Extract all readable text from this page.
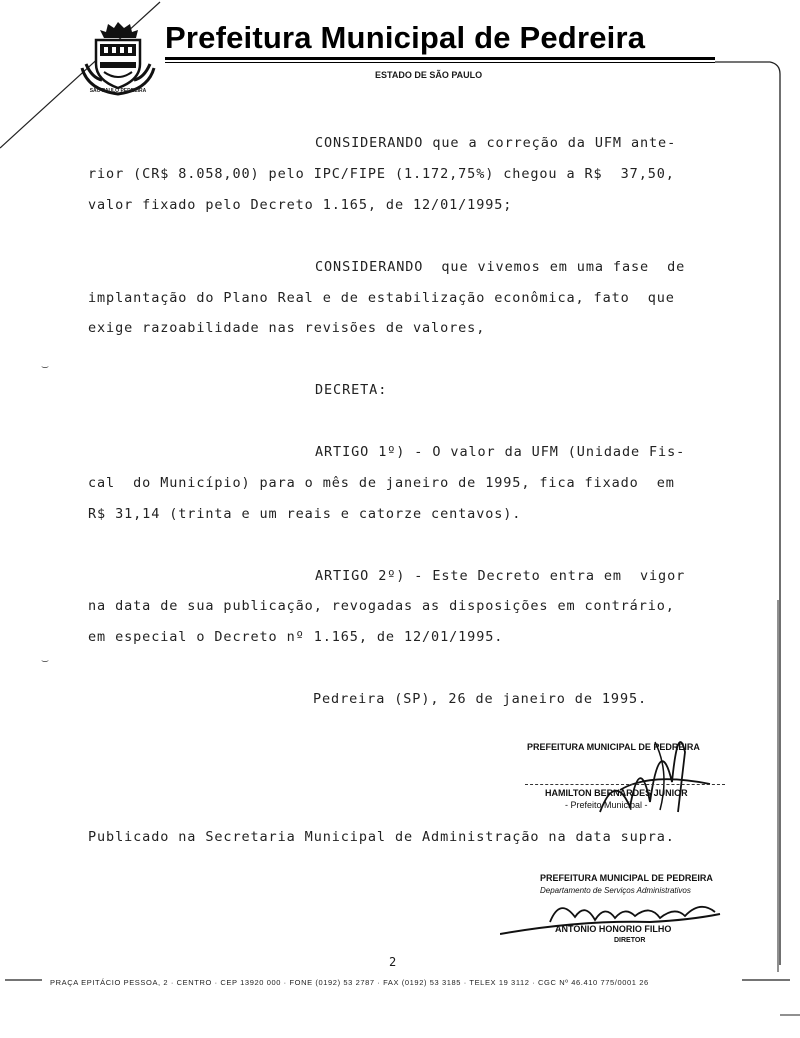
SÃO PAULO PEDREIRA
Prefeitura Municipal de Pedreira
ESTADO DE SÃO PAULO
CONSIDERANDO que a correção da UFM ante-
rior (CR$ 8.058,00) pelo IPC/FIPE (1.172,75%) chegou a R$  37,50,
valor fixado pelo Decreto 1.165, de 12/01/1995;
CONSIDERANDO  que vivemos em uma fase  de
implantação do Plano Real e de estabilização econômica, fato  que
exige razoabilidade nas revisões de valores,
‿
DECRETA:
ARTIGO 1º) - O valor da UFM (Unidade Fis-
cal  do Município) para o mês de janeiro de 1995, fica fixado  em
R$ 31,14 (trinta e um reais e catorze centavos).
ARTIGO 2º) - Este Decreto entra em  vigor
na data de sua publicação, revogadas as disposições em contrário,
em especial o Decreto nº 1.165, de 12/01/1995.
‿
Pedreira (SP), 26 de janeiro de 1995.
PREFEITURA MUNICIPAL DE PEDREIRA
HAMILTON BERNARDES JUNIOR
- Prefeito Municipal -
Publicado na Secretaria Municipal de Administração na data supra.
PREFEITURA MUNICIPAL DE PEDREIRA
Departamento de Serviços Administrativos
ANTONIO HONORIO FILHO
DIRETOR
2
PRAÇA EPITÁCIO PESSOA, 2 · CENTRO · CEP 13920 000 · FONE (0192) 53 2787 · FAX (0192) 53 3185 · TELEX 19 3112 · CGC Nº 46.410 775/0001 26
